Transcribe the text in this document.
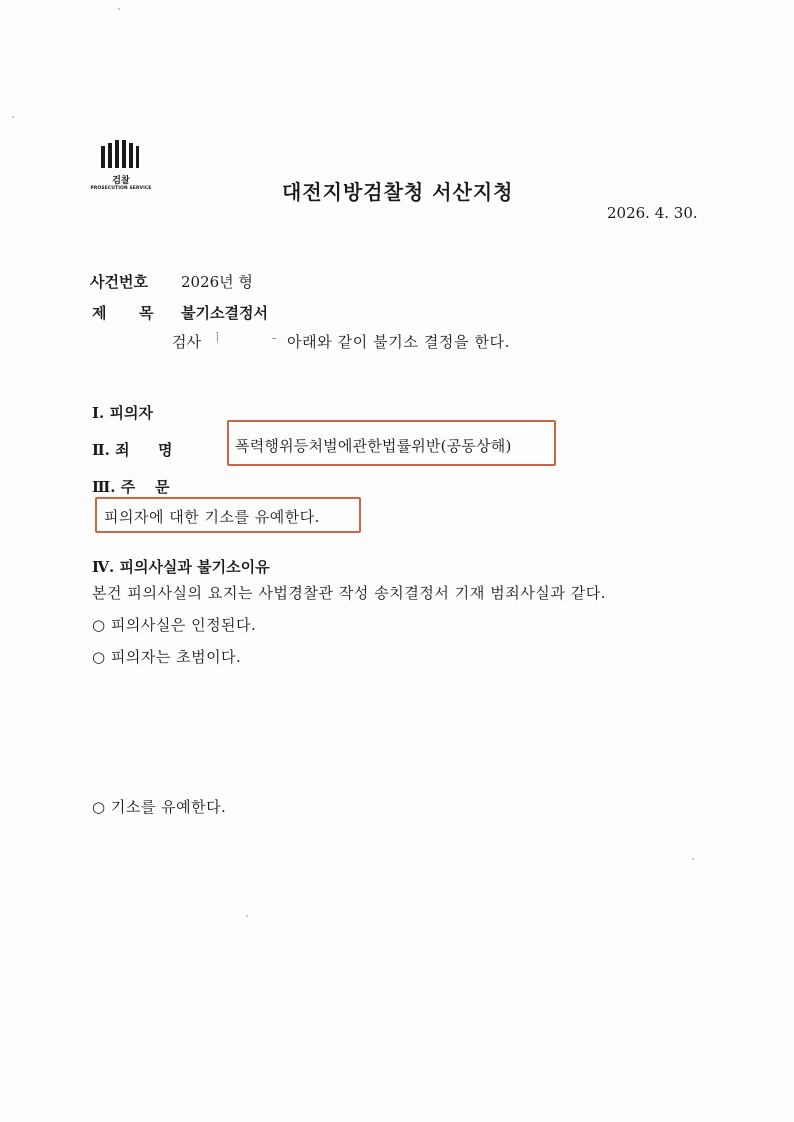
검찰
PROSECUTION SERVICE	대전지방검찰청 서산지청
2026. 4. 30.
사건번호 2026년 형
제 목 불기소결정서
검사 ㅣ	- 아래와 같이 불기소 결정을 한다.
Ⅰ. 피의자
Ⅱ. 죄 명	폭력행위등처벌에관한법률위반(공동상해)
Ⅲ. 주 문
피의자에 대한 기소를 유예한다.
Ⅳ. 피의사실과 불기소이유
본건 피의사실의 요지는 사법경찰관 작성 송치결정서 기재 범죄사실과 같다.
○ 피의사실은 인정된다.
○ 피의자는 초범이다.
○ 기소를 유예한다.
